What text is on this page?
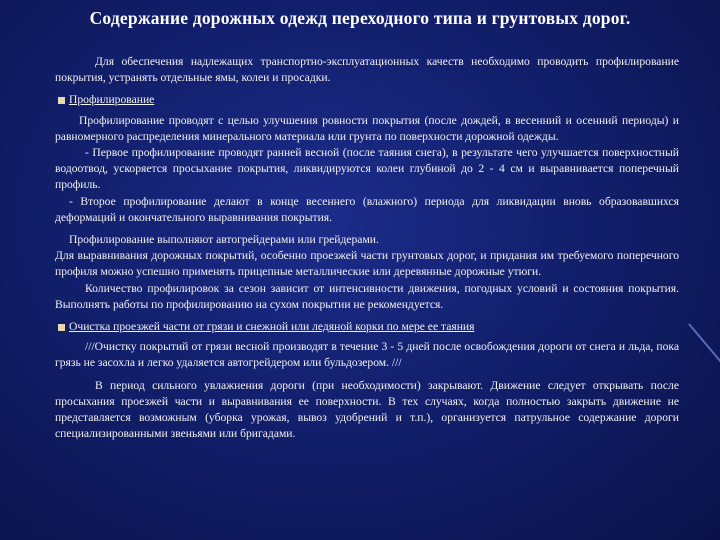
Содержание дорожных одежд переходного типа и грунтовых дорог.

Для обеспечения надлежащих транспортно-эксплуатационных качеств необходимо проводить профилирование покрытия, устранять отдельные ямы, колеи и просадки.

Профилирование

Профилирование проводят с целью улучшения ровности покрытия (после дождей, в весенний и осенний периоды) и равномерного распределения минерального материала или грунта по поверхности дорожной одежды.

- Первое профилирование проводят ранней весной (после таяния снега), в результате чего улучшается поверхностный водоотвод, ускоряется просыхание покрытия, ликвидируются колеи глубиной до 2 - 4 см и выравнивается поперечный профиль.

- Второе профилирование делают в конце весеннего (влажного) периода для ликвидации вновь образовавшихся деформаций и окончательного выравнивания покрытия.

Профилирование выполняют автогрейдерами или грейдерами.

Для выравнивания дорожных покрытий, особенно проезжей части грунтовых дорог, и придания им требуемого поперечного профиля можно успешно применять прицепные металлические или деревянные дорожные утюги.

Количество профилировок за сезон зависит от интенсивности движения, погодных условий и состояния покрытия. Выполнять работы по профилированию на сухом покрытии не рекомендуется.

Очистка проезжей части от грязи и снежной или ледяной корки по мере ее таяния

///Очистку покрытий от грязи весной производят в течение 3 - 5 дней после освобождения дороги от снега и льда, пока грязь не засохла и легко удаляется автогрейдером или бульдозером. ///

В период сильного увлажнения дороги (при необходимости) закрывают. Движение следует открывать после просыхания проезжей части и выравнивания ее поверхности. В тех случаях, когда полностью закрыть движение не представляется возможным (уборка урожая, вывоз удобрений и т.п.), организуется патрульное содержание дороги специализированными звеньями или бригадами.
